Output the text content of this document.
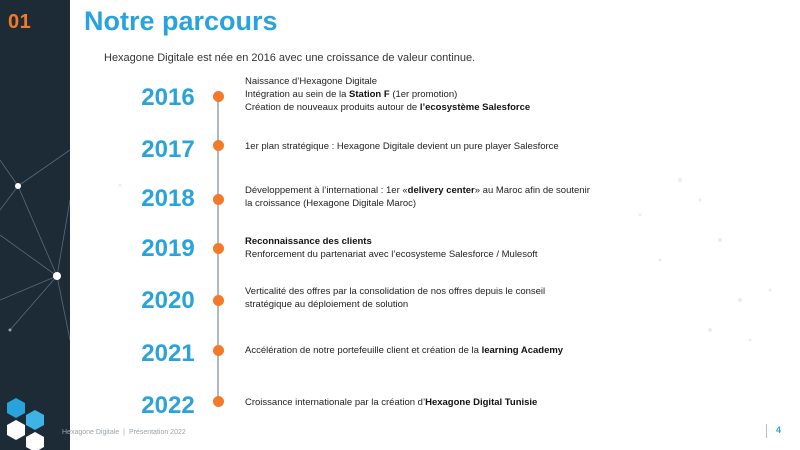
01 Notre parcours
Hexagone Digitale est née en 2016 avec une croissance de valeur continue.
2016
Naissance d’Hexagone Digitale
Intégration au sein de la Station F (1er promotion)
Création de nouveaux produits autour de l’ecosystème Salesforce
2017	1er plan stratégique : Hexagone Digitale devient un pure player Salesforce
2018	Développement à l’international : 1er «delivery center» au Maroc afin de soutenir
la croissance (Hexagone Digitale Maroc)
2019	Reconnaissance des clients
Renforcement du partenariat avec l’ecosysteme Salesforce / Mulesoft
2020	Verticalité des offres par la consolidation de nos offres depuis le conseil
stratégique au déploiement de solution
2021	Accélération de notre portefeuille client et création de la learning Academy
2022	Croissance internationale par la création d’Hexagone Digital Tunisie
Hexagone Digitale | Présentation 2022	4
